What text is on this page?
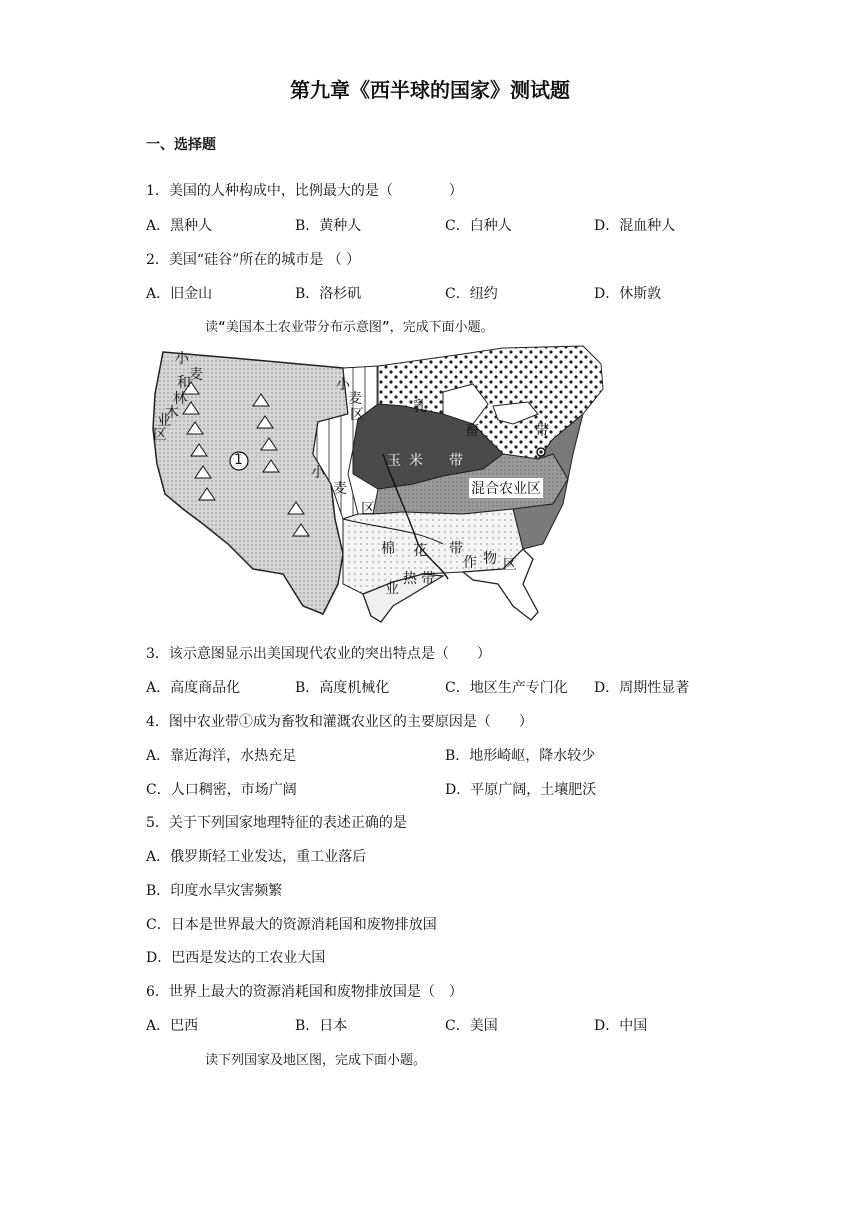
第九章《西半球的国家》测试题
一、选择题
1．美国的人种构成中，比例最大的是（　　　　）
A．黑种人	B．黄种人	C．白种人	D．混血种人
2．美国“硅谷”所在的城市是 （ ）
A．旧金山	B．洛杉矶	C．纽约	D．休斯敦
读“美国本土农业带分布示意图”，完成下面小题。
小
麦
和
林
木
业
区
1
小
麦
区
小
麦
区
乳
畜	带
玉 米 带
混合农业区
棉 花 带
作 物 区
热 带
业
3．该示意图显示出美国现代农业的突出特点是（　　）
A．高度商品化	B．高度机械化	C．地区生产专门化 D．周期性显著
4．图中农业带①成为畜牧和灌溉农业区的主要原因是（　　）
A．靠近海洋，水热充足	B．地形崎岖，降水较少
C．人口稠密，市场广阔	D．平原广阔，土壤肥沃
5．关于下列国家地理特征的表述正确的是
A．俄罗斯轻工业发达，重工业落后
B．印度水旱灾害频繁
C．日本是世界最大的资源消耗国和废物排放国
D．巴西是发达的工农业大国
6．世界上最大的资源消耗国和废物排放国是（　）
A．巴西	B．日本	C．美国	D．中国
读下列国家及地区图，完成下面小题。
